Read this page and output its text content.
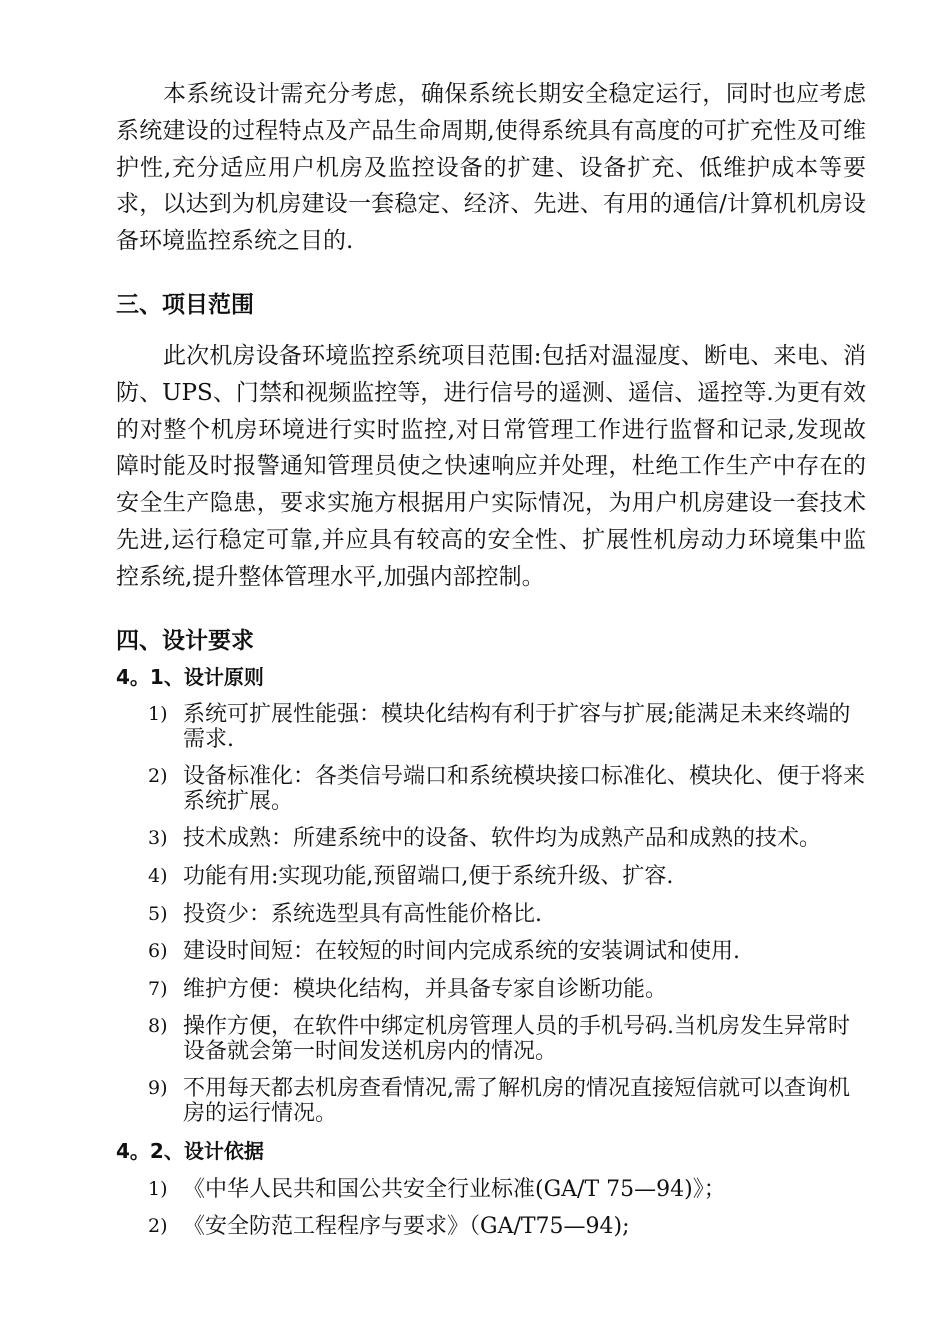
本系统设计需充分考虑，确保系统长期安全稳定运行，同时也应考虑系统建设的过程特点及产品生命周期,使得系统具有高度的可扩充性及可维护性,充分适应用户机房及监控设备的扩建、设备扩充、低维护成本等要求，以达到为机房建设一套稳定、经济、先进、有用的通信/计算机机房设备环境监控系统之目的.

三、项目范围

此次机房设备环境监控系统项目范围:包括对温湿度、断电、来电、消防、UPS、门禁和视频监控等，进行信号的遥测、遥信、遥控等.为更有效的对整个机房环境进行实时监控,对日常管理工作进行监督和记录,发现故障时能及时报警通知管理员使之快速响应并处理，杜绝工作生产中存在的安全生产隐患，要求实施方根据用户实际情况，为用户机房建设一套技术先进,运行稳定可靠,并应具有较高的安全性、扩展性机房动力环境集中监控系统,提升整体管理水平,加强内部控制。

四、设计要求
4。1、设计原则
1) 系统可扩展性能强：模块化结构有利于扩容与扩展;能满足未来终端的需求.
2) 设备标准化：各类信号端口和系统模块接口标准化、模块化、便于将来系统扩展。
3) 技术成熟：所建系统中的设备、软件均为成熟产品和成熟的技术。
4) 功能有用:实现功能,预留端口,便于系统升级、扩容.
5) 投资少：系统选型具有高性能价格比.
6) 建设时间短：在较短的时间内完成系统的安装调试和使用.
7) 维护方便：模块化结构，并具备专家自诊断功能。
8) 操作方便，在软件中绑定机房管理人员的手机号码.当机房发生异常时设备就会第一时间发送机房内的情况。
9) 不用每天都去机房查看情况,需了解机房的情况直接短信就可以查询机房的运行情况。
4。2、设计依据
1) 《中华人民共和国公共安全行业标准(GA/T 75—94)》；
2) 《安全防范工程程序与要求》（GA/T75—94);
